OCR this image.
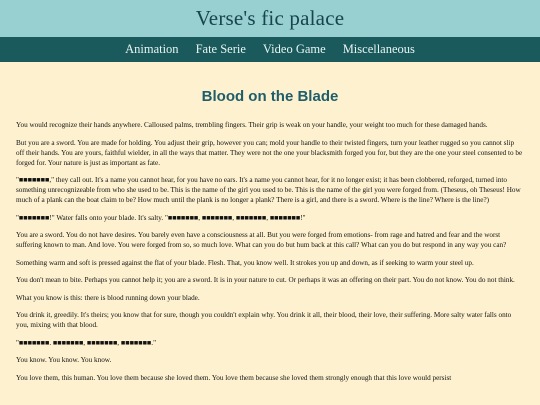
Verse's fic palace
Animation Fate Serie Video Game Miscellaneous
Blood on the Blade

You would recognize their hands anywhere. Calloused palms, trembling fingers. Their grip is weak on your handle, your weight too much for these damaged hands.

But you are a sword. You are made for holding. You adjust their grip, however you can; mold your handle to their twisted fingers, turn your leather rugged so you cannot slip off their hands. You are yours, faithful wielder, in all the ways that matter. They were not the one your blacksmith forged you for, but they are the one your steel consented to be forged for. Your nature is just as important as fate.

"■■■■■■■," they call out. It's a name you cannot hear, for you have no ears. It's a name you cannot hear, for it no longer exist; it has been clobbered, reforged, turned into something unrecognizeable from who she used to be. This is the name of the girl you used to be. This is the name of the girl you were forged from. (Theseus, oh Theseus! How much of a plank can the boat claim to be? How much until the plank is no longer a plank? There is a girl, and there is a sword. Where is the line? Where is the line?)

"■■■■■■■!" Water falls onto your blade. It's salty. "■■■■■■■, ■■■■■■■, ■■■■■■■, ■■■■■■■!"

You are a sword. You do not have desires. You barely even have a consciousness at all. But you were forged from emotions- from rage and hatred and fear and the worst suffering known to man. And love. You were forged from so, so much love. What can you do but hum back at this call? What can you do but respond in any way you can?

Something warm and soft is pressed against the flat of your blade. Flesh. That, you know well. It strokes you up and down, as if seeking to warm your steel up.

You don't mean to bite. Perhaps you cannot help it; you are a sword. It is in your nature to cut. Or perhaps it was an offering on their part. You do not know. You do not think.

What you know is this: there is blood running down your blade.

You drink it, greedily. It's theirs; you know that for sure, though you couldn't explain why. You drink it all, their blood, their love, their suffering. More salty water falls onto you, mixing with that blood.

"■■■■■■■. ■■■■■■■, ■■■■■■■, ■■■■■■■."

You know. You know. You know.

You love them, this human. You love them because she loved them. You love them because she loved them strongly enough that this love would persist
